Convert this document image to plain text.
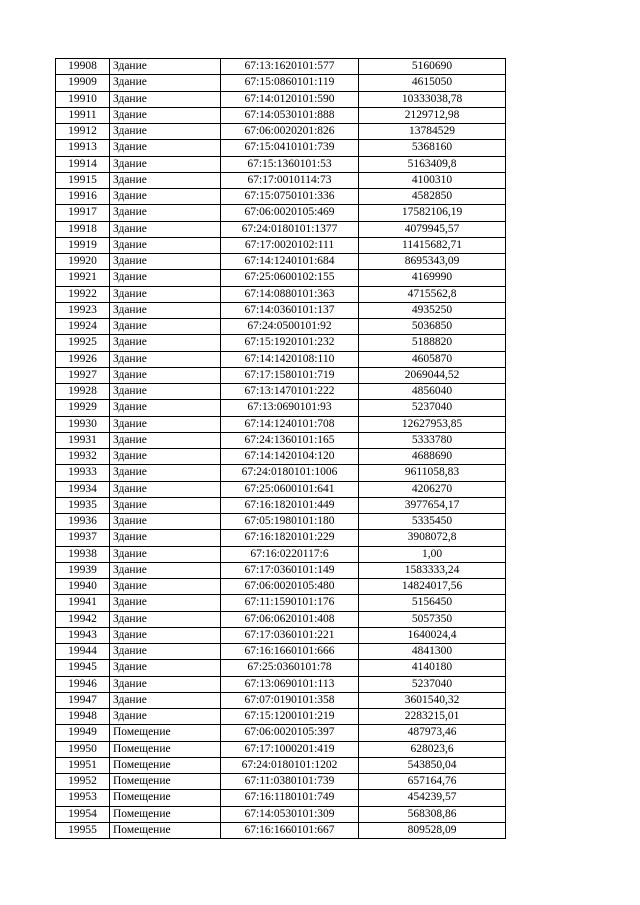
19908	Здание	67:13:1620101:577	5160690
19909	Здание	67:15:0860101:119	4615050
19910	Здание	67:14:0120101:590	10333038,78
19911	Здание	67:14:0530101:888	2129712,98
19912	Здание	67:06:0020201:826	13784529
19913	Здание	67:15:0410101:739	5368160
19914	Здание	67:15:1360101:53	5163409,8
19915	Здание	67:17:0010114:73	4100310
19916	Здание	67:15:0750101:336	4582850
19917	Здание	67:06:0020105:469	17582106,19
19918	Здание	67:24:0180101:1377	4079945,57
19919	Здание	67:17:0020102:111	11415682,71
19920	Здание	67:14:1240101:684	8695343,09
19921	Здание	67:25:0600102:155	4169990
19922	Здание	67:14:0880101:363	4715562,8
19923	Здание	67:14:0360101:137	4935250
19924	Здание	67:24:0500101:92	5036850
19925	Здание	67:15:1920101:232	5188820
19926	Здание	67:14:1420108:110	4605870
19927	Здание	67:17:1580101:719	2069044,52
19928	Здание	67:13:1470101:222	4856040
19929	Здание	67:13:0690101:93	5237040
19930	Здание	67:14:1240101:708	12627953,85
19931	Здание	67:24:1360101:165	5333780
19932	Здание	67:14:1420104:120	4688690
19933	Здание	67:24:0180101:1006	9611058,83
19934	Здание	67:25:0600101:641	4206270
19935	Здание	67:16:1820101:449	3977654,17
19936	Здание	67:05:1980101:180	5335450
19937	Здание	67:16:1820101:229	3908072,8
19938	Здание	67:16:0220117:6	1,00
19939	Здание	67:17:0360101:149	1583333,24
19940	Здание	67:06:0020105:480	14824017,56
19941	Здание	67:11:1590101:176	5156450
19942	Здание	67:06:0620101:408	5057350
19943	Здание	67:17:0360101:221	1640024,4
19944	Здание	67:16:1660101:666	4841300
19945	Здание	67:25:0360101:78	4140180
19946	Здание	67:13:0690101:113	5237040
19947	Здание	67:07:0190101:358	3601540,32
19948	Здание	67:15:1200101:219	2283215,01
19949	Помещение	67:06:0020105:397	487973,46
19950	Помещение	67:17:1000201:419	628023,6
19951	Помещение	67:24:0180101:1202	543850,04
19952	Помещение	67:11:0380101:739	657164,76
19953	Помещение	67:16:1180101:749	454239,57
19954	Помещение	67:14:0530101:309	568308,86
19955	Помещение	67:16:1660101:667	809528,09
